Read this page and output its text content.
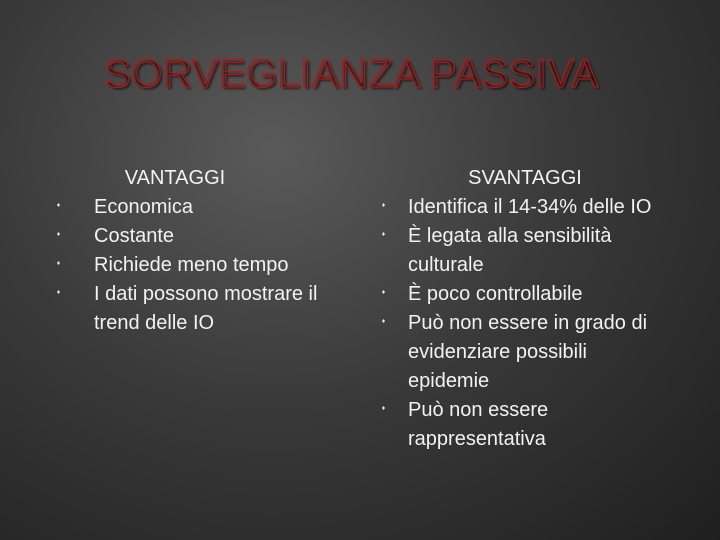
SORVEGLIANZA PASSIVA
VANTAGGI
Economica
Costante
Richiede meno tempo
I dati possono mostrare il trend delle IO
SVANTAGGI
Identifica il 14-34% delle IO
È legata alla sensibilità culturale
È poco controllabile
Può non essere in grado di evidenziare possibili epidemie
Può non essere rappresentativa
